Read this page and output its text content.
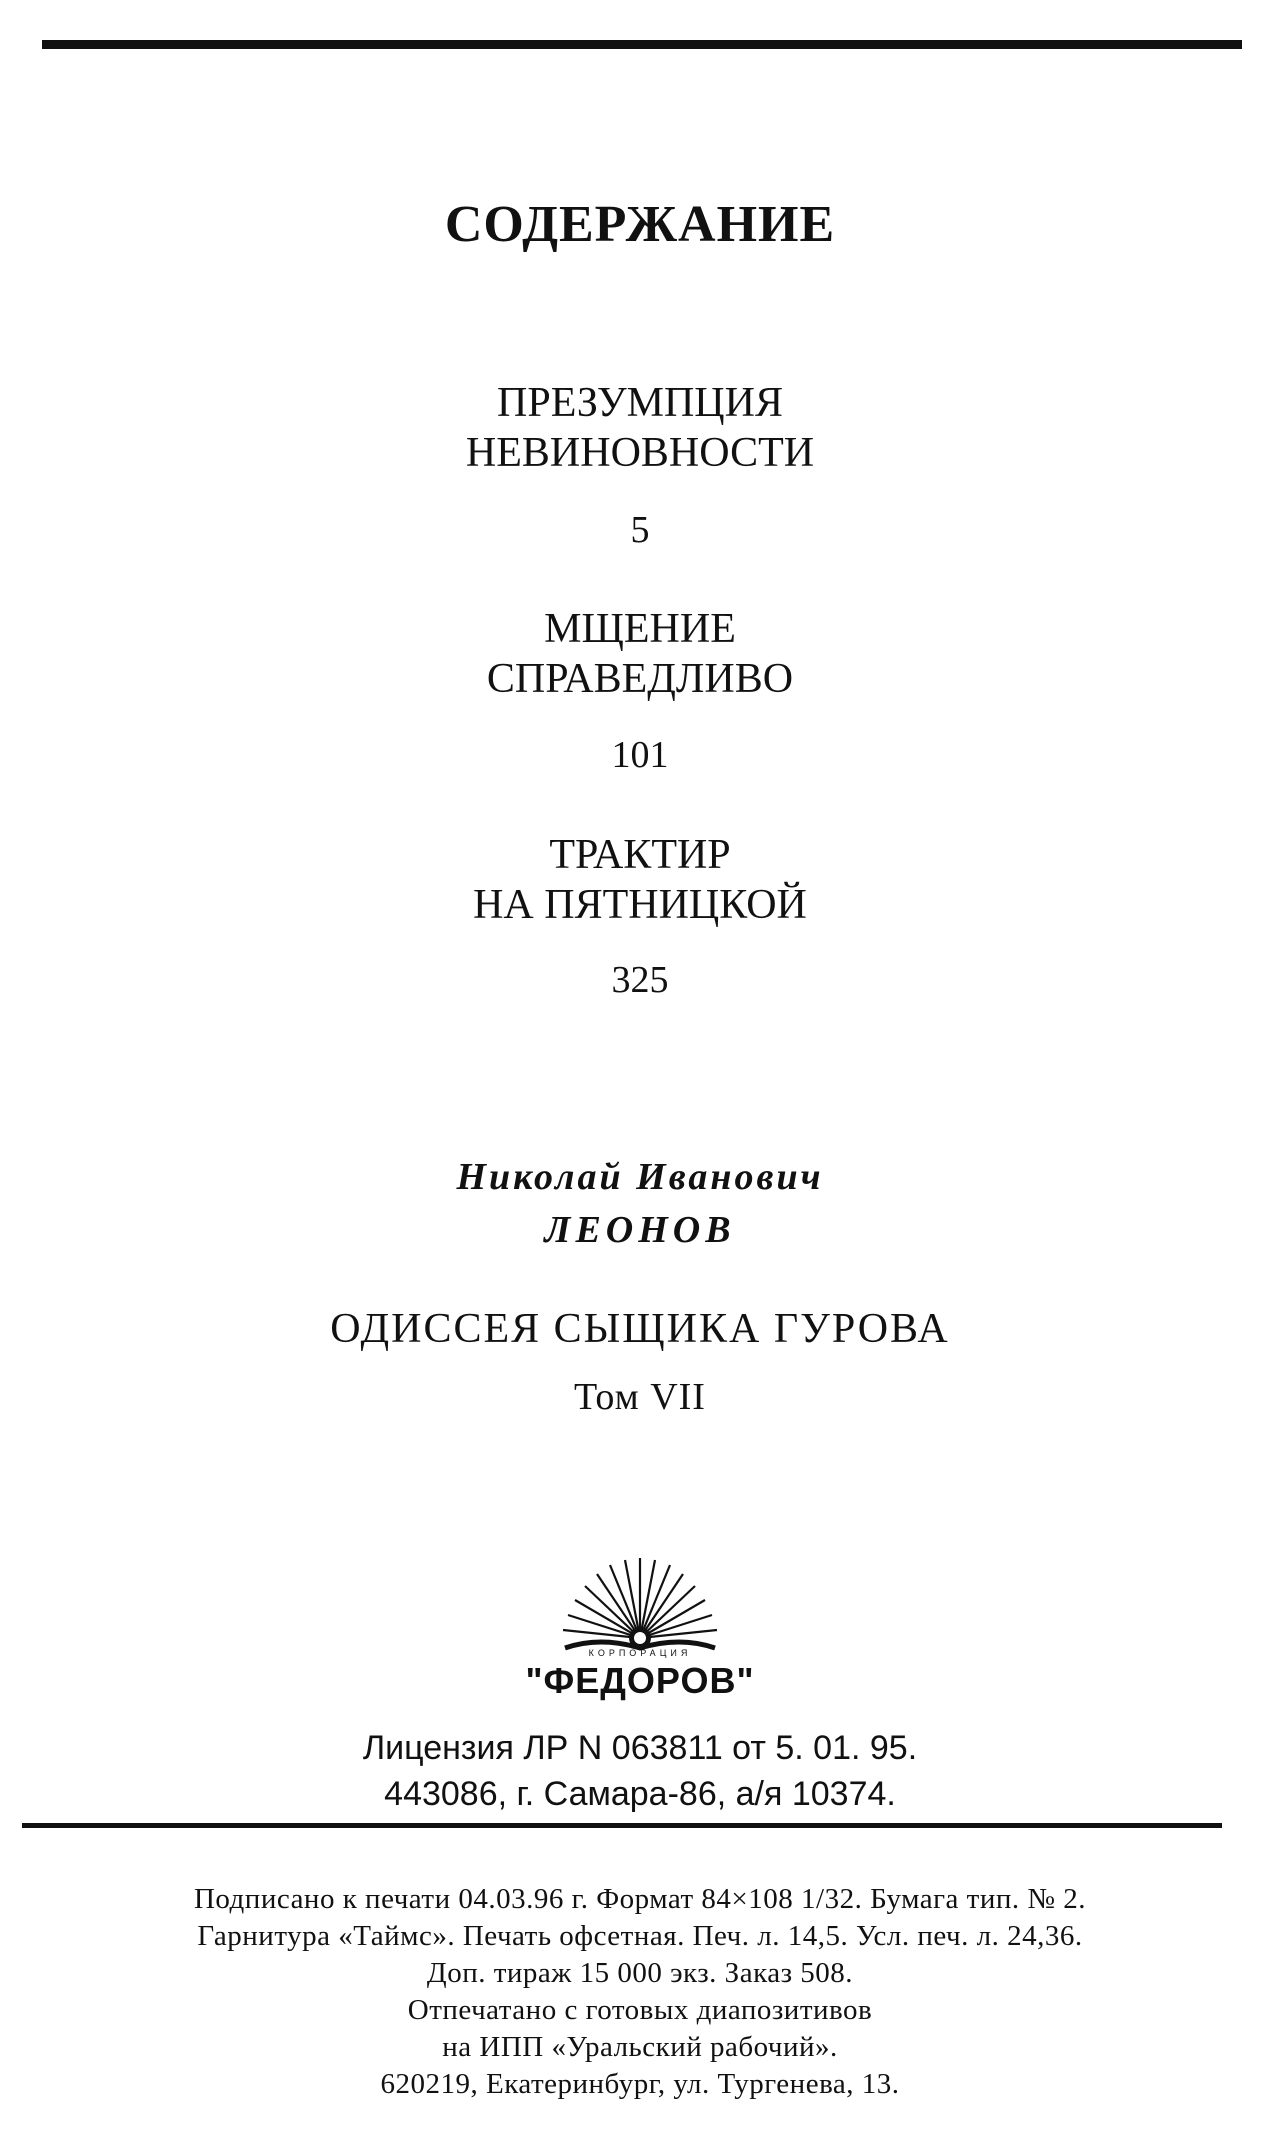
СОДЕРЖАНИЕ
ПРЕЗУМПЦИЯ
НЕВИНОВНОСТИ
5
МЩЕНИЕ
СПРАВЕДЛИВО
101
ТРАКТИР
НА ПЯТНИЦКОЙ
325
Николай Иванович
ЛЕОНОВ
ОДИССЕЯ СЫЩИКА ГУРОВА
Том VII
КОРПОРАЦИЯ
"ФЕДОРОВ"
Лицензия ЛР N 063811 от 5. 01. 95.
443086, г. Самара-86, а/я 10374.
Подписано к печати 04.03.96 г. Формат 84×108 1/32. Бумага тип. № 2.
Гарнитура «Таймс». Печать офсетная. Печ. л. 14,5. Усл. печ. л. 24,36.
Доп. тираж 15 000 экз. Заказ 508.
Отпечатано с готовых диапозитивов
на ИПП «Уральский рабочий».
620219, Екатеринбург, ул. Тургенева, 13.
